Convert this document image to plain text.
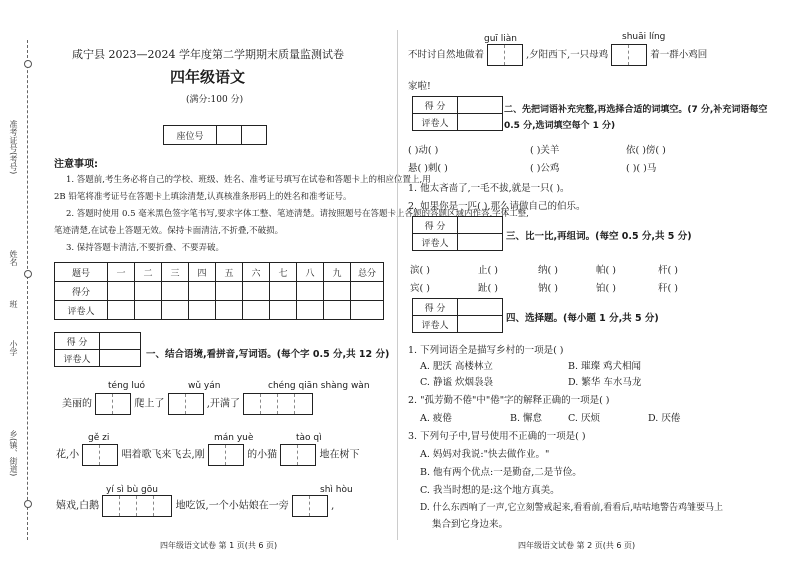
准考证号(考号)
姓名
班
小学
乡(镇、街道)
咸宁县 2023—2024 学年度第二学期期末质量监测试卷
四年级语文
(满分:100 分)
座位号		
注意事项:
1. 答题前,考生务必将自己的学校、班级、姓名、准考证号填写在试卷和答题卡上的相应位置上,用
2B 铅笔将准考证号在答题卡上填涂清楚,认真核准条形码上的姓名和准考证号。
2. 答题时使用 0.5 毫米黑色签字笔书写,要求字体工整、笔迹清楚。请按照题号在答题卡上各题的答题区域内作答,字体工整,
笔迹清楚,在试卷上答题无效。保持卡面清洁,不折叠,不破损。
3. 保持答题卡清洁,不要折叠、不要弄破。
题号	一	二	三	四	五	六	七	八	九	总分
得分										
评卷人										
得 分	
评卷人		一、结合语境,看拼音,写词语。(每个字 0.5 分,共 12 分)
téng luó	wǔ yán	chéng qiān shàng wàn
美丽的	爬上了	,开满了
gě zi	mán yuè	tào qì
花,小	唱着歌飞来飞去,刚	的小猫	地在树下
yí sì bù gōu	shì hòu
嬉戏,白鹅	地吃饭,一个小姑娘在一旁	,
四年级语文试卷 第 1 页(共 6 页)
guī liàn	shuāi líng
不时讨自然地做着	,夕阳西下,一只母鸡	着一群小鸡回
家啦!
得 分	
评卷人	
二、先把词语补充完整,再选择合适的词填空。(7 分,补充词语每空 0.5 分,选词填空每个 1 分)
( )动( )	( )关羊	依( )傍( )
悬( )刺( )	( )公鸡	( )( )马
1. 他太吝啬了,一毛不拔,就是一只( )。
2. 如果你是一匹( ),那么请做自己的伯乐。
得 分	
评卷人	
三、比一比,再组词。(每空 0.5 分,共 5 分)
滨( )	止( )	纳( )	帕( )	杆( )
宾( )	趾( )	钠( )	铂( )	秆( )
得 分	
评卷人	
四、选择题。(每小题 1 分,共 5 分)
1. 下列词语全是描写乡村的一项是( )
A. 肥沃 高楼林立	B. 璀璨 鸡犬相闻
C. 静谧 炊烟袅袅	D. 繁华 车水马龙
2. "孤芳勤不倦"中"倦"字的解释正确的一项是( )
A. 疲倦	B. 懈怠	C. 厌烦	D. 厌倦
3. 下列句子中,冒号使用不正确的一项是( )
A. 妈妈对我说:"快去做作业。"
B. 他有两个优点:一是勤奋,二是节俭。
C. 我当时想的是:这个地方真美。
D. 什么东西响了一声,它立刻警戒起来,看看前,看看后,咕咕地警告鸡雏要马上
集合到它身边来。
四年级语文试卷 第 2 页(共 6 页)
